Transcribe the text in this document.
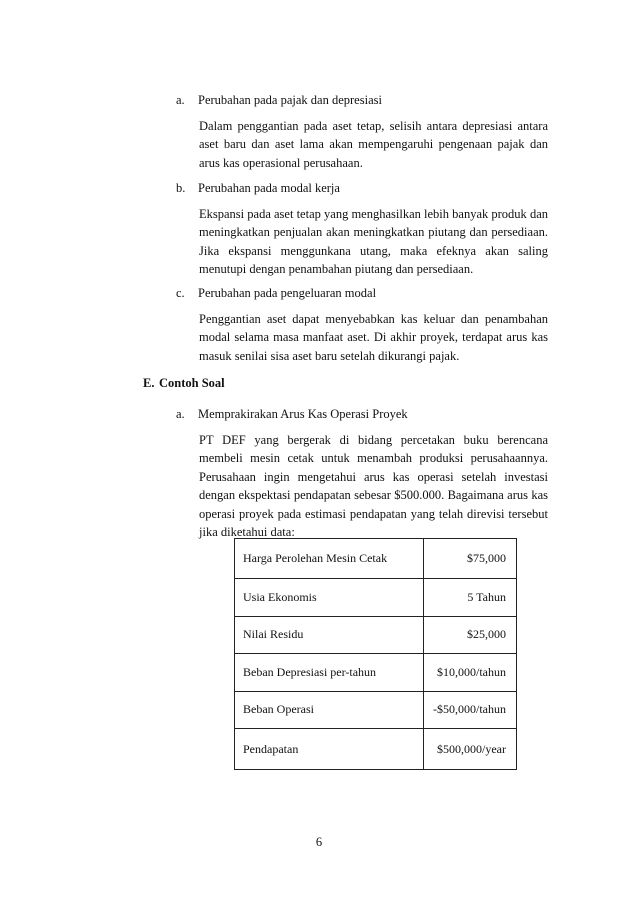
a. Perubahan pada pajak dan depresiasi
Dalam penggantian pada aset tetap, selisih antara depresiasi antara aset baru dan aset lama akan mempengaruhi pengenaan pajak dan arus kas operasional perusahaan.
b. Perubahan pada modal kerja
Ekspansi pada aset tetap yang menghasilkan lebih banyak produk dan meningkatkan penjualan akan meningkatkan piutang dan persediaan. Jika ekspansi menggunkana utang, maka efeknya akan saling menutupi dengan penambahan piutang dan persediaan.
c. Perubahan pada pengeluaran modal
Penggantian aset dapat menyebabkan kas keluar dan penambahan modal selama masa manfaat aset. Di akhir proyek, terdapat arus kas masuk senilai sisa aset baru setelah dikurangi pajak.
E. Contoh Soal
a. Memprakirakan Arus Kas Operasi Proyek
PT DEF yang bergerak di bidang percetakan buku berencana membeli mesin cetak untuk menambah produksi perusahaannya. Perusahaan ingin mengetahui arus kas operasi setelah investasi dengan ekspektasi pendapatan sebesar $500.000. Bagaimana arus kas operasi proyek pada estimasi pendapatan yang telah direvisi tersebut jika diketahui data:
Harga Perolehan Mesin Cetak	$75,000
Usia Ekonomis	5 Tahun
Nilai Residu	$25,000
Beban Depresiasi per-tahun	$10,000/tahun
Beban Operasi	-$50,000/tahun
Pendapatan	$500,000/year
6
